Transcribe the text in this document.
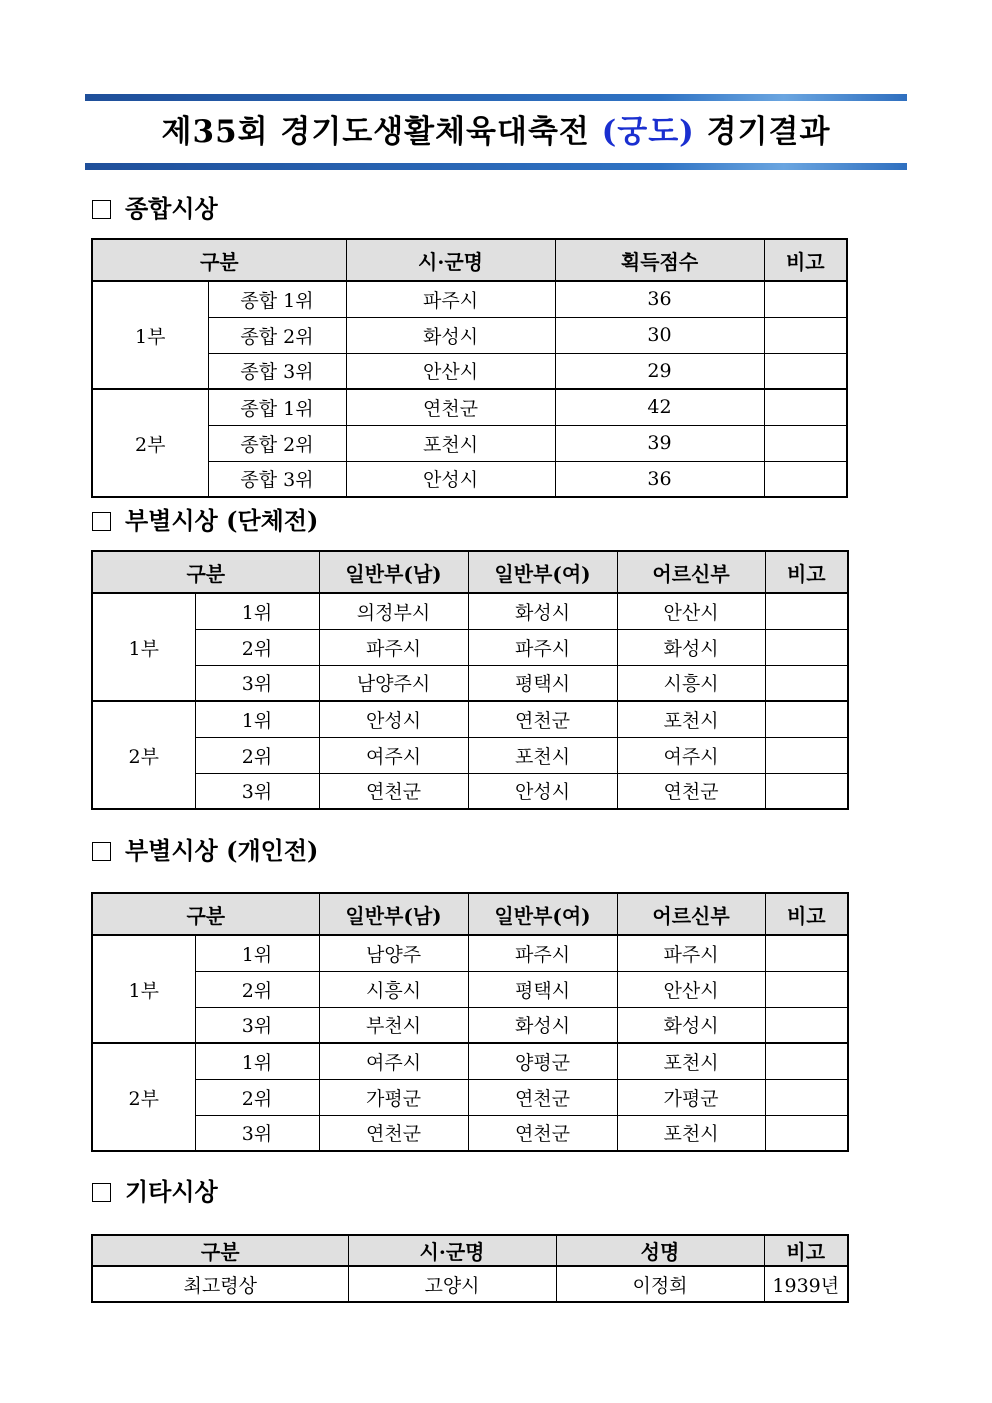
제35회 경기도생활체육대축전 (궁도) 경기결과
종합시상
구분		시·군명	획득점수	비고
1부	종합 1위	파주시	36	
	종합 2위	화성시	30	
	종합 3위	안산시	29	
2부	종합 1위	연천군	42	
	종합 2위	포천시	39	
	종합 3위	안성시	36	
부별시상 (단체전)
구분		일반부(남)	일반부(여)	어르신부	비고
1부	1위	의정부시	화성시	안산시	
	2위	파주시	파주시	화성시	
	3위	남양주시	평택시	시흥시	
2부	1위	안성시	연천군	포천시	
	2위	여주시	포천시	여주시	
	3위	연천군	안성시	연천군	
부별시상 (개인전)
구분		일반부(남)	일반부(여)	어르신부	비고
1부	1위	남양주	파주시	파주시	
	2위	시흥시	평택시	안산시	
	3위	부천시	화성시	화성시	
2부	1위	여주시	양평군	포천시	
	2위	가평군	연천군	가평군	
	3위	연천군	연천군	포천시	
기타시상
구분	시·군명	성명	비고
최고령상	고양시	이정희	1939년
